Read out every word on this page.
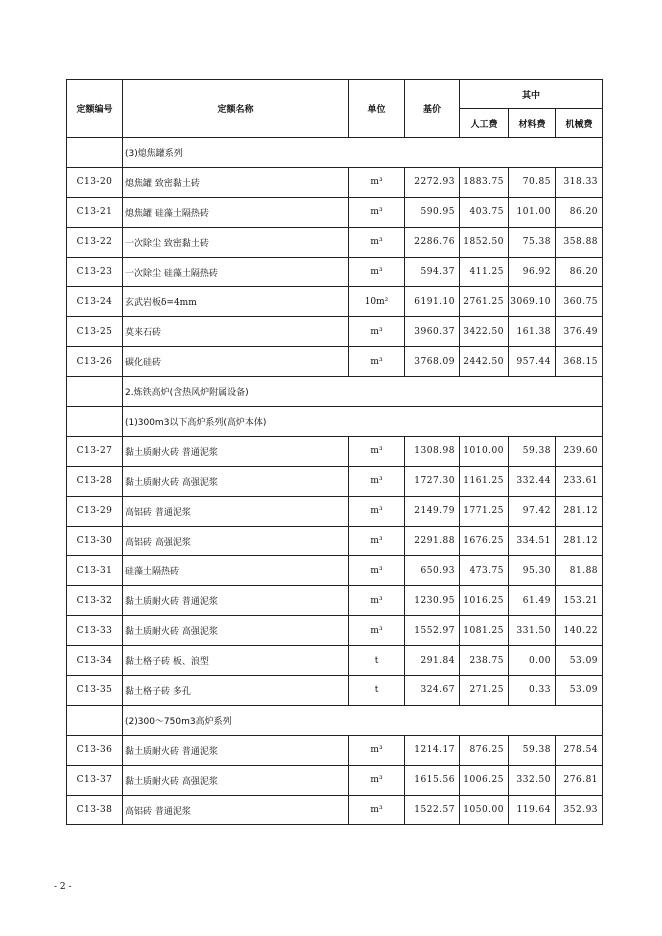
定额编号	定额名称	单位	基价	其中		
				人工费	材料费	机械费
	(3)熄焦罐系列					
C13-20	熄焦罐 致密黏土砖	m³	2272.93	1883.75	70.85	318.33
C13-21	熄焦罐 硅藻土隔热砖	m³	590.95	403.75	101.00	86.20
C13-22	一次除尘 致密黏土砖	m³	2286.76	1852.50	75.38	358.88
C13-23	一次除尘 硅藻土隔热砖	m³	594.37	411.25	96.92	86.20
C13-24	玄武岩板δ=4mm	10m²	6191.10	2761.25	3069.10	360.75
C13-25	莫来石砖	m³	3960.37	3422.50	161.38	376.49
C13-26	碳化硅砖	m³	3768.09	2442.50	957.44	368.15
	2.炼铁高炉(含热风炉附属设备)					
	(1)300m3以下高炉系列(高炉本体)					
C13-27	黏土质耐火砖 普通泥浆	m³	1308.98	1010.00	59.38	239.60
C13-28	黏土质耐火砖 高强泥浆	m³	1727.30	1161.25	332.44	233.61
C13-29	高铝砖 普通泥浆	m³	2149.79	1771.25	97.42	281.12
C13-30	高铝砖 高强泥浆	m³	2291.88	1676.25	334.51	281.12
C13-31	硅藻土隔热砖	m³	650.93	473.75	95.30	81.88
C13-32	黏土质耐火砖 普通泥浆	m³	1230.95	1016.25	61.49	153.21
C13-33	黏土质耐火砖 高强泥浆	m³	1552.97	1081.25	331.50	140.22
C13-34	黏土格子砖 板、浪型	t	291.84	238.75	0.00	53.09
C13-35	黏土格子砖 多孔	t	324.67	271.25	0.33	53.09
	(2)300～750m3高炉系列					
C13-36	黏土质耐火砖 普通泥浆	m³	1214.17	876.25	59.38	278.54
C13-37	黏土质耐火砖 高强泥浆	m³	1615.56	1006.25	332.50	276.81
C13-38	高铝砖 普通泥浆	m³	1522.57	1050.00	119.64	352.93
- 2 -
